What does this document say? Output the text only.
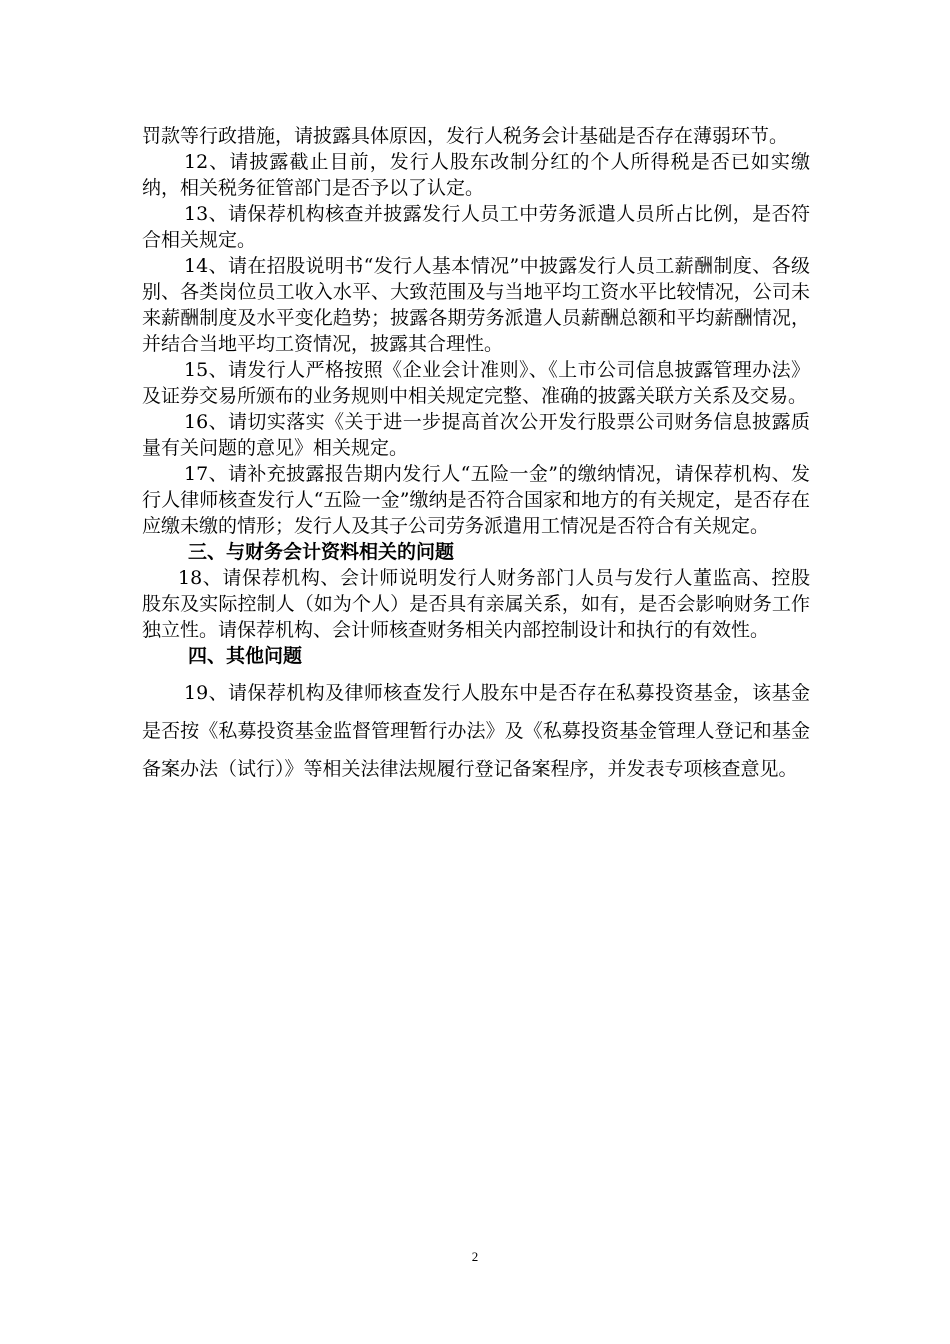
罚款等行政措施，请披露具体原因，发行人税务会计基础是否存在薄弱环节。

12、请披露截止目前，发行人股东改制分红的个人所得税是否已如实缴纳，相关税务征管部门是否予以了认定。

13、请保荐机构核查并披露发行人员工中劳务派遣人员所占比例，是否符合相关规定。

14、请在招股说明书“发行人基本情况”中披露发行人员工薪酬制度、各级别、各类岗位员工收入水平、大致范围及与当地平均工资水平比较情况，公司未来薪酬制度及水平变化趋势；披露各期劳务派遣人员薪酬总额和平均薪酬情况，并结合当地平均工资情况，披露其合理性。

15、请发行人严格按照《企业会计准则》、《上市公司信息披露管理办法》及证券交易所颁布的业务规则中相关规定完整、准确的披露关联方关系及交易。

16、请切实落实《关于进一步提高首次公开发行股票公司财务信息披露质量有关问题的意见》相关规定。

17、请补充披露报告期内发行人“五险一金”的缴纳情况，请保荐机构、发行人律师核查发行人“五险一金”缴纳是否符合国家和地方的有关规定，是否存在应缴未缴的情形；发行人及其子公司劳务派遣用工情况是否符合有关规定。

三、与财务会计资料相关的问题

18、请保荐机构、会计师说明发行人财务部门人员与发行人董监高、控股股东及实际控制人（如为个人）是否具有亲属关系，如有，是否会影响财务工作独立性。请保荐机构、会计师核查财务相关内部控制设计和执行的有效性。

四、其他问题

19、请保荐机构及律师核查发行人股东中是否存在私募投资基金，该基金是否按《私募投资基金监督管理暂行办法》及《私募投资基金管理人登记和基金备案办法（试行）》等相关法律法规履行登记备案程序，并发表专项核查意见。

2
